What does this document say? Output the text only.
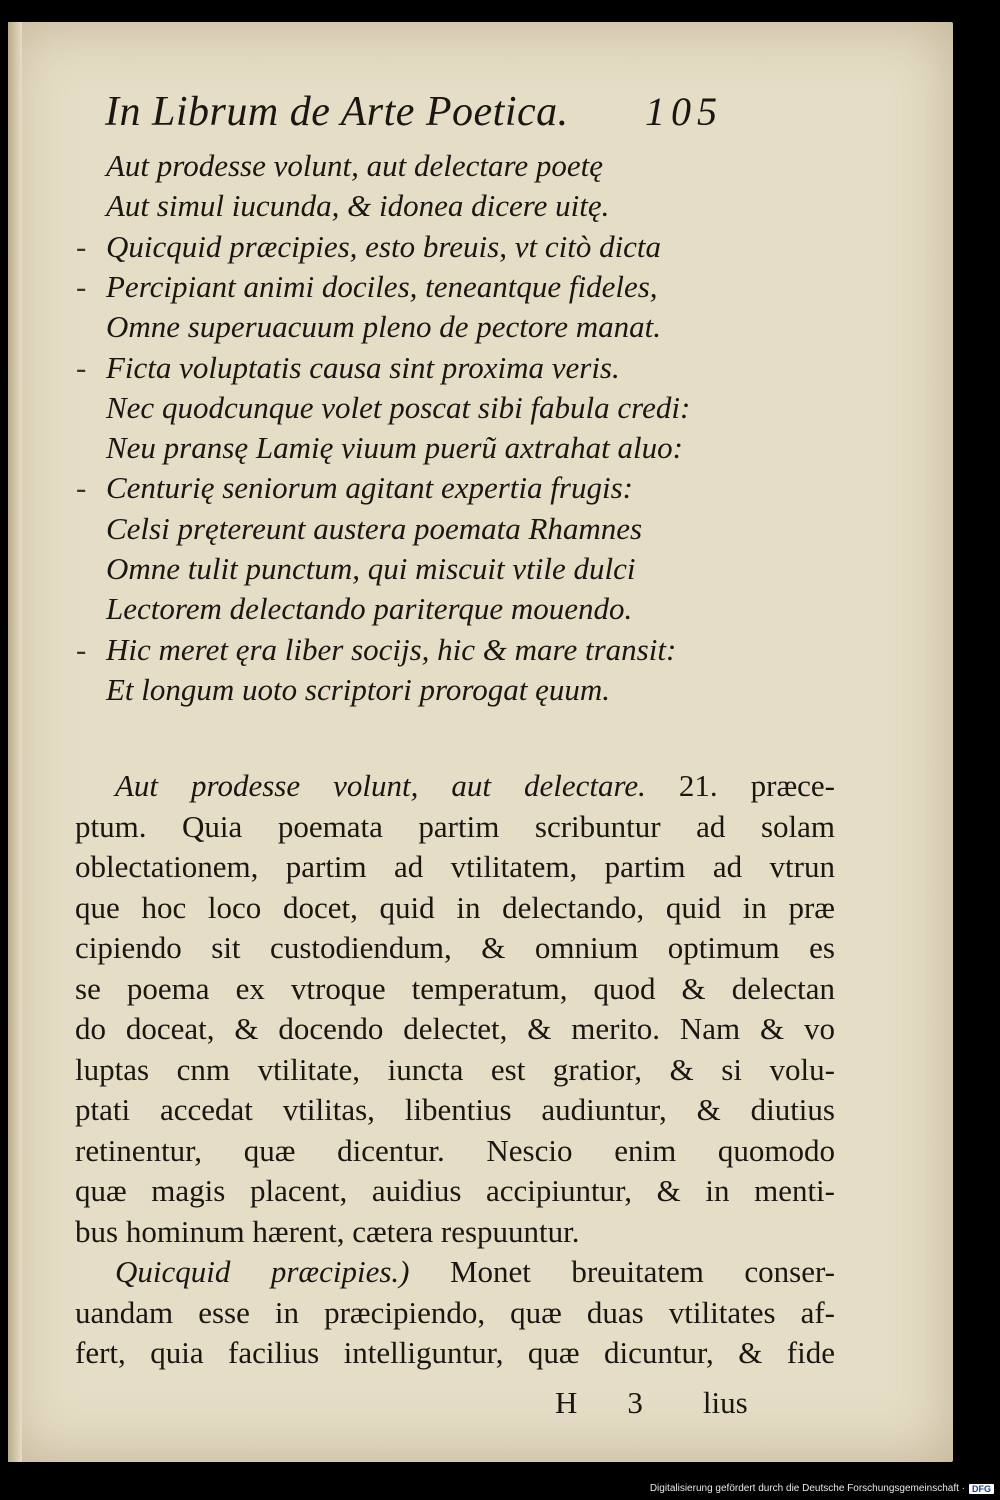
In Librum de Arte Poetica. 105
Aut prodesse volunt, aut delectare poetę
Aut simul iucunda, & idonea dicere uitę.
- Quicquid præcipies, esto breuis, vt citò dicta
- Percipiant animi dociles, teneantque fideles,
Omne superuacuum pleno de pectore manat.
- Ficta voluptatis causa sint proxima veris.
Nec quodcunque volet poscat sibi fabula credi:
Neu pransę Lamię viuum puerũ axtrahat aluo:
- Centurię seniorum agitant expertia frugis:
Celsi prętereunt austera poemata Rhamnes
Omne tulit punctum, qui miscuit vtile dulci
Lectorem delectando pariterque mouendo.
- Hic meret ęra liber socijs, hic & mare transit:
Et longum uoto scriptori prorogat ęuum.
Aut prodesse volunt, aut delectare. 21. præce-
ptum. Quia poemata partim scribuntur ad solam
oblectationem, partim ad vtilitatem, partim ad vtrun
que hoc loco docet, quid in delectando, quid in præ
cipiendo sit custodiendum, & omnium optimum es
se poema ex vtroque temperatum, quod & delectan
do doceat, & docendo delectet, & merito. Nam & vo
luptas cnm vtilitate, iuncta est gratior, & si volu-
ptati accedat vtilitas, libentius audiuntur, & diutius
retinentur, quæ dicentur. Nescio enim quomodo
quæ magis placent, auidius accipiuntur, & in menti-
bus hominum hærent, cætera respuuntur.
Quicquid præcipies.) Monet breuitatem conser-
uandam esse in præcipiendo, quæ duas vtilitates af-
fert, quia facilius intelliguntur, quæ dicuntur, & fide
H 3 lius
Digitalisierung gefördert durch die Deutsche Forschungsgemeinschaft · DFG
